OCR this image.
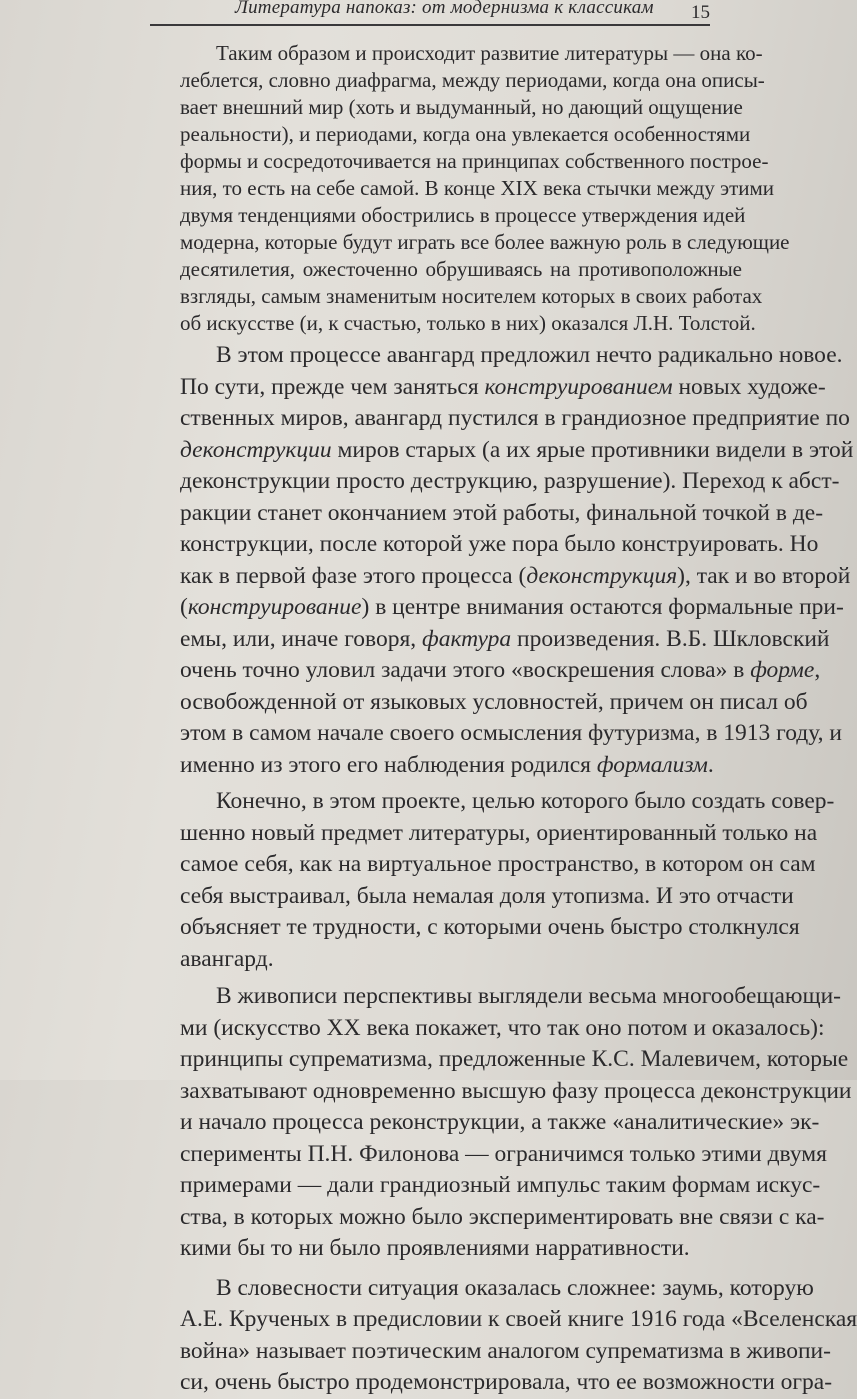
Литература напоказ: от модернизма к классикам 15
Таким образом и происходит развитие литературы — она ко-
леблется, словно диафрагма, между периодами, когда она описы-
вает внешний мир (хоть и выдуманный, но дающий ощущение
реальности), и периодами, когда она увлекается особенностями
формы и сосредоточивается на принципах собственного построе-
ния, то есть на себе самой. В конце XIX века стычки между этими
двумя тенденциями обострились в процессе утверждения идей
модерна, которые будут играть все более важную роль в следующие
десятилетия, ожесточенно обрушиваясь на противоположные
взгляды, самым знаменитым носителем которых в своих работах
об искусстве (и, к счастью, только в них) оказался Л.Н. Толстой.
В этом процессе авангард предложил нечто радикально новое.
По сути, прежде чем заняться конструированием новых художе-
ственных миров, авангард пустился в грандиозное предприятие по
деконструкции миров старых (а их ярые противники видели в этой
деконструкции просто деструкцию, разрушение). Переход к абст-
ракции станет окончанием этой работы, финальной точкой в де-
конструкции, после которой уже пора было конструировать. Но
как в первой фазе этого процесса (деконструкция), так и во второй
(конструирование) в центре внимания остаются формальные при-
емы, или, иначе говоря, фактура произведения. В.Б. Шкловский
очень точно уловил задачи этого «воскрешения слова» в форме,
освобожденной от языковых условностей, причем он писал об
этом в самом начале своего осмысления футуризма, в 1913 году, и
именно из этого его наблюдения родился формализм.
Конечно, в этом проекте, целью которого было создать совер-
шенно новый предмет литературы, ориентированный только на
самое себя, как на виртуальное пространство, в котором он сам
себя выстраивал, была немалая доля утопизма. И это отчасти
объясняет те трудности, с которыми очень быстро столкнулся
авангард.
В живописи перспективы выглядели весьма многообещающи-
ми (искусство XX века покажет, что так оно потом и оказалось):
принципы супрематизма, предложенные К.С. Малевичем, которые
захватывают одновременно высшую фазу процесса деконструкции
и начало процесса реконструкции, а также «аналитические» эк-
сперименты П.Н. Филонова — ограничимся только этими двумя
примерами — дали грандиозный импульс таким формам искус-
ства, в которых можно было экспериментировать вне связи с ка-
кими бы то ни было проявлениями нарративности.
В словесности ситуация оказалась сложнее: заумь, которую
А.Е. Крученых в предисловии к своей книге 1916 года «Вселенская
война» называет поэтическим аналогом супрематизма в живопи-
си, очень быстро продемонстрировала, что ее возможности огра-
